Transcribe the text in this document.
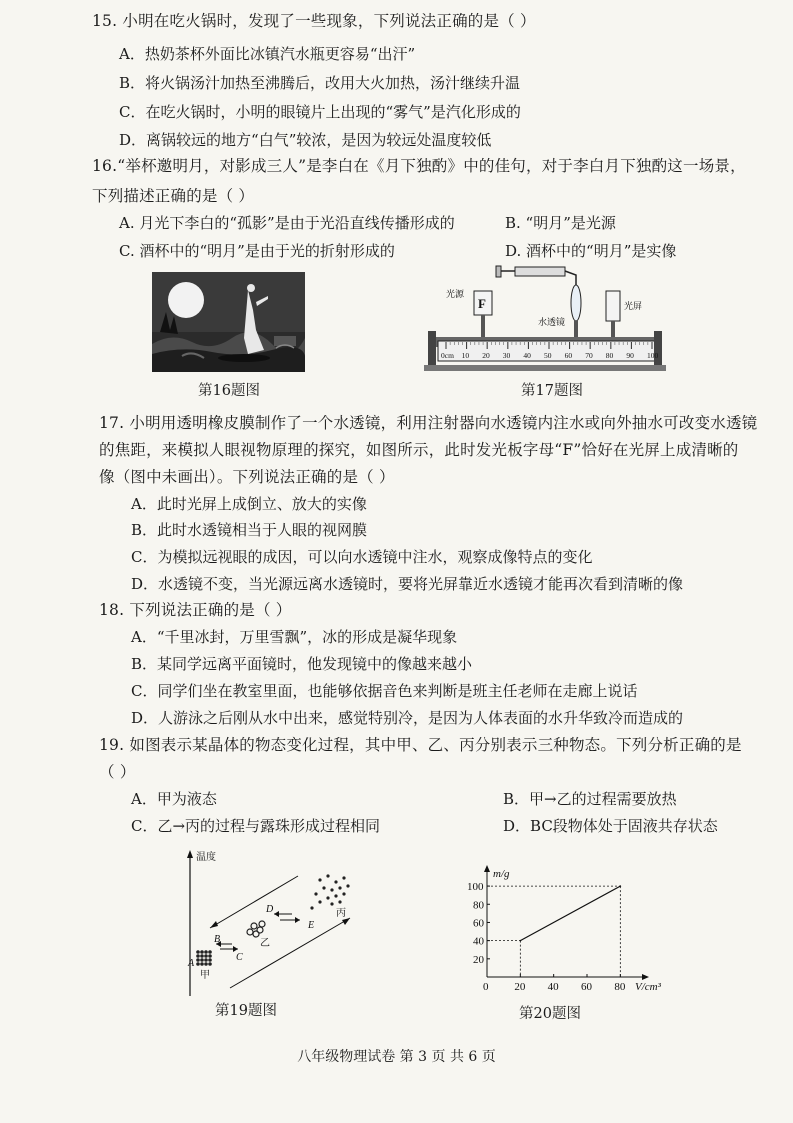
15. 小明在吃火锅时，发现了一些现象，下列说法正确的是（ ）
A．热奶茶杯外面比冰镇汽水瓶更容易“出汗”
B．将火锅汤汁加热至沸腾后，改用大火加热，汤汁继续升温
C．在吃火锅时，小明的眼镜片上出现的“雾气”是汽化形成的
D．离锅较远的地方“白气”较浓，是因为较远处温度较低
16.“举杯邀明月，对影成三人”是李白在《月下独酌》中的佳句，对于李白月下独酌这一场景，
下列描述正确的是（ ）
A. 月光下李白的“孤影”是由于光沿直线传播形成的	B. “明月”是光源
C. 酒杯中的“明月”是由于光的折射形成的	D. 酒杯中的“明月”是实像
第16题图
F
光源
水透镜
光屏
0cm 10 20 30 40 50 60 70 80 90 100
第17题图
17. 小明用透明橡皮膜制作了一个水透镜，利用注射器向水透镜内注水或向外抽水可改变水透镜
的焦距，来模拟人眼视物原理的探究，如图所示，此时发光板字母“F”恰好在光屏上成清晰的
像（图中未画出）。下列说法正确的是（ ）
A．此时光屏上成倒立、放大的实像
B．此时水透镜相当于人眼的视网膜
C．为模拟远视眼的成因，可以向水透镜中注水，观察成像特点的变化
D．水透镜不变，当光源远离水透镜时，要将光屏靠近水透镜才能再次看到清晰的像
18. 下列说法正确的是（ ）
A．“千里冰封，万里雪飘”，冰的形成是凝华现象
B．某同学远离平面镜时，他发现镜中的像越来越小
C．同学们坐在教室里面，也能够依据音色来判断是班主任老师在走廊上说话
D．人游泳之后刚从水中出来，感觉特别冷，是因为人体表面的水升华致冷而造成的
19. 如图表示某晶体的物态变化过程，其中甲、乙、丙分别表示三种物态。下列分析正确的是
（ ）
A．甲为液态	B．甲→乙的过程需要放热
C．乙→丙的过程与露珠形成过程相同	D．BC段物体处于固液共存状态
温度
A
B
C
D
E
甲
乙
丙
第19题图
0 20 40 60 80
20
40
60
80
100
m/g
V/cm³
第20题图
八年级物理试卷 第 3 页 共 6 页
